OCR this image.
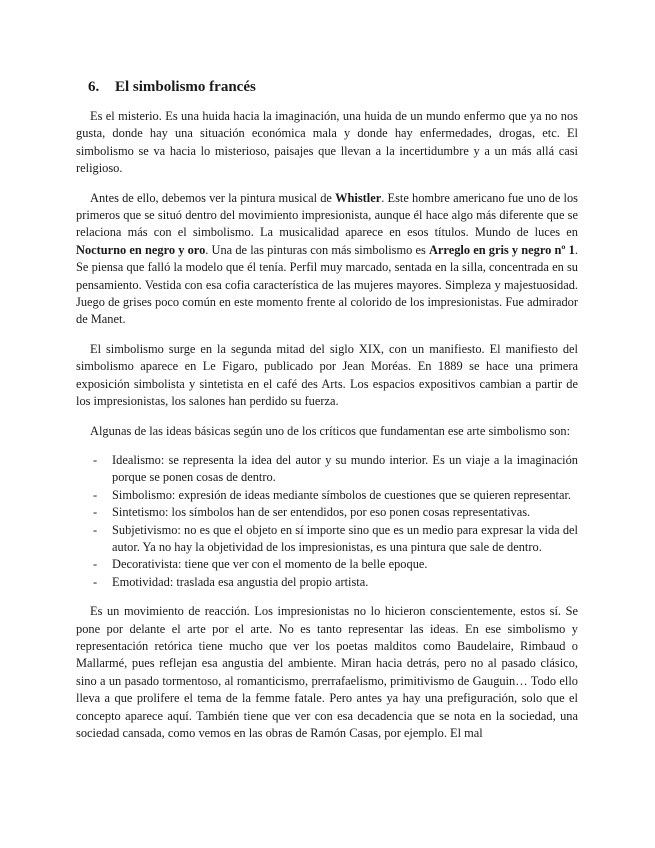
6. El simbolismo francés

Es el misterio. Es una huida hacia la imaginación, una huida de un mundo enfermo que ya no nos gusta, donde hay una situación económica mala y donde hay enfermedades, drogas, etc. El simbolismo se va hacia lo misterioso, paisajes que llevan a la incertidumbre y a un más allá casi religioso.

Antes de ello, debemos ver la pintura musical de Whistler. Este hombre americano fue uno de los primeros que se situó dentro del movimiento impresionista, aunque él hace algo más diferente que se relaciona más con el simbolismo. La musicalidad aparece en esos títulos. Mundo de luces en Nocturno en negro y oro. Una de las pinturas con más simbolismo es Arreglo en gris y negro nº 1. Se piensa que falló la modelo que él tenía. Perfil muy marcado, sentada en la silla, concentrada en su pensamiento. Vestida con esa cofia característica de las mujeres mayores. Simpleza y majestuosidad. Juego de grises poco común en este momento frente al colorido de los impresionistas. Fue admirador de Manet.

El simbolismo surge en la segunda mitad del siglo XIX, con un manifiesto. El manifiesto del simbolismo aparece en Le Figaro, publicado por Jean Moréas. En 1889 se hace una primera exposición simbolista y sintetista en el café des Arts. Los espacios expositivos cambian a partir de los impresionistas, los salones han perdido su fuerza.

Algunas de las ideas básicas según uno de los críticos que fundamentan ese arte simbolismo son:

- Idealismo: se representa la idea del autor y su mundo interior. Es un viaje a la imaginación porque se ponen cosas de dentro.
- Simbolismo: expresión de ideas mediante símbolos de cuestiones que se quieren representar.
- Sintetismo: los símbolos han de ser entendidos, por eso ponen cosas representativas.
- Subjetivismo: no es que el objeto en sí importe sino que es un medio para expresar la vida del autor. Ya no hay la objetividad de los impresionistas, es una pintura que sale de dentro.
- Decorativista: tiene que ver con el momento de la belle epoque.
- Emotividad: traslada esa angustia del propio artista.

Es un movimiento de reacción. Los impresionistas no lo hicieron conscientemente, estos sí. Se pone por delante el arte por el arte. No es tanto representar las ideas. En ese simbolismo y representación retórica tiene mucho que ver los poetas malditos como Baudelaire, Rimbaud o Mallarmé, pues reflejan esa angustia del ambiente. Miran hacia detrás, pero no al pasado clásico, sino a un pasado tormentoso, al romanticismo, prerrafaelismo, primitivismo de Gauguin… Todo ello lleva a que prolifere el tema de la femme fatale. Pero antes ya hay una prefiguración, solo que el concepto aparece aquí. También tiene que ver con esa decadencia que se nota en la sociedad, una sociedad cansada, como vemos en las obras de Ramón Casas, por ejemplo. El mal
